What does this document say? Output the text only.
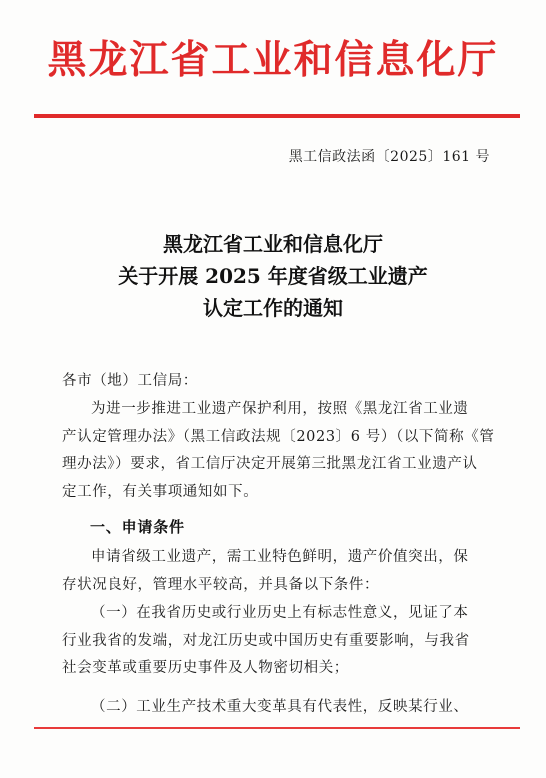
黑龙江省工业和信息化厅
黑工信政法函〔2025〕161 号
黑龙江省工业和信息化厅
关于开展 2025 年度省级工业遗产
认定工作的通知
各市（地）工信局：
为进一步推进工业遗产保护利用，按照《黑龙江省工业遗
产认定管理办法》（黑工信政法规〔2023〕6 号）（以下简称《管
理办法》）要求，省工信厅决定开展第三批黑龙江省工业遗产认
定工作，有关事项通知如下。
一、申请条件
申请省级工业遗产，需工业特色鲜明，遗产价值突出，保
存状况良好，管理水平较高，并具备以下条件：
（一）在我省历史或行业历史上有标志性意义，见证了本
行业我省的发端，对龙江历史或中国历史有重要影响，与我省
社会变革或重要历史事件及人物密切相关；
（二）工业生产技术重大变革具有代表性，反映某行业、
